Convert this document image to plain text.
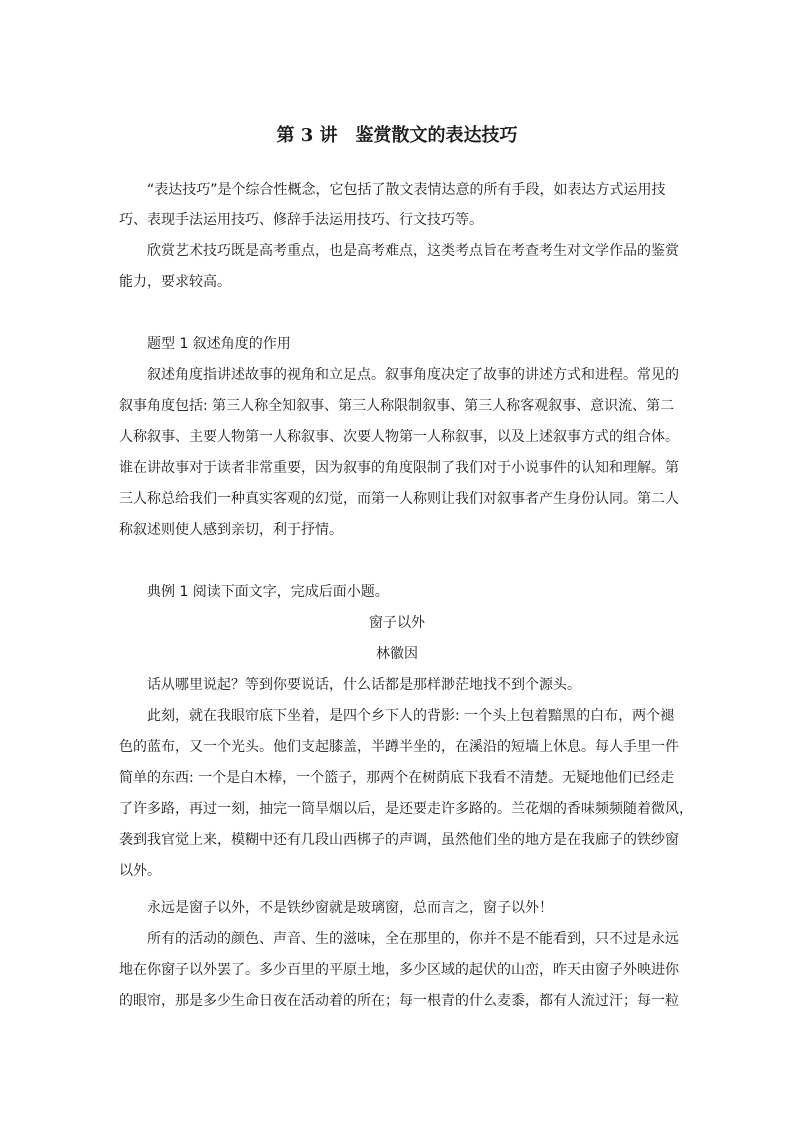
第 3 讲　鉴赏散文的表达技巧
“表达技巧”是个综合性概念，它包括了散文表情达意的所有手段，如表达方式运用技
巧、表现手法运用技巧、修辞手法运用技巧、行文技巧等。
欣赏艺术技巧既是高考重点，也是高考难点，这类考点旨在考查考生对文学作品的鉴赏
能力，要求较高。
题型 1 叙述角度的作用
叙述角度指讲述故事的视角和立足点。叙事角度决定了故事的讲述方式和进程。常见的
叙事角度包括: 第三人称全知叙事、第三人称限制叙事、第三人称客观叙事、意识流、第二
人称叙事、主要人物第一人称叙事、次要人物第一人称叙事，以及上述叙事方式的组合体。
谁在讲故事对于读者非常重要，因为叙事的角度限制了我们对于小说事件的认知和理解。第
三人称总给我们一种真实客观的幻觉，而第一人称则让我们对叙事者产生身份认同。第二人
称叙述则使人感到亲切，利于抒情。
典例 1 阅读下面文字，完成后面小题。
窗子以外
林徽因
话从哪里说起？等到你要说话，什么话都是那样渺茫地找不到个源头。
此刻，就在我眼帘底下坐着，是四个乡下人的背影: 一个头上包着黯黑的白布，两个褪
色的蓝布，又一个光头。他们支起膝盖，半蹲半坐的，在溪沿的短墙上休息。每人手里一件
简单的东西: 一个是白木棒，一个篮子，那两个在树荫底下我看不清楚。无疑地他们已经走
了许多路，再过一刻，抽完一筒旱烟以后，是还要走许多路的。兰花烟的香味频频随着微风，
袭到我官觉上来，模糊中还有几段山西梆子的声调，虽然他们坐的地方是在我廊子的铁纱窗
以外。
永远是窗子以外，不是铁纱窗就是玻璃窗，总而言之，窗子以外！
所有的活动的颜色、声音、生的滋味，全在那里的，你并不是不能看到，只不过是永远
地在你窗子以外罢了。多少百里的平原土地，多少区域的起伏的山峦，昨天由窗子外映进你
的眼帘，那是多少生命日夜在活动着的所在；每一根青的什么麦黍，都有人流过汗；每一粒
